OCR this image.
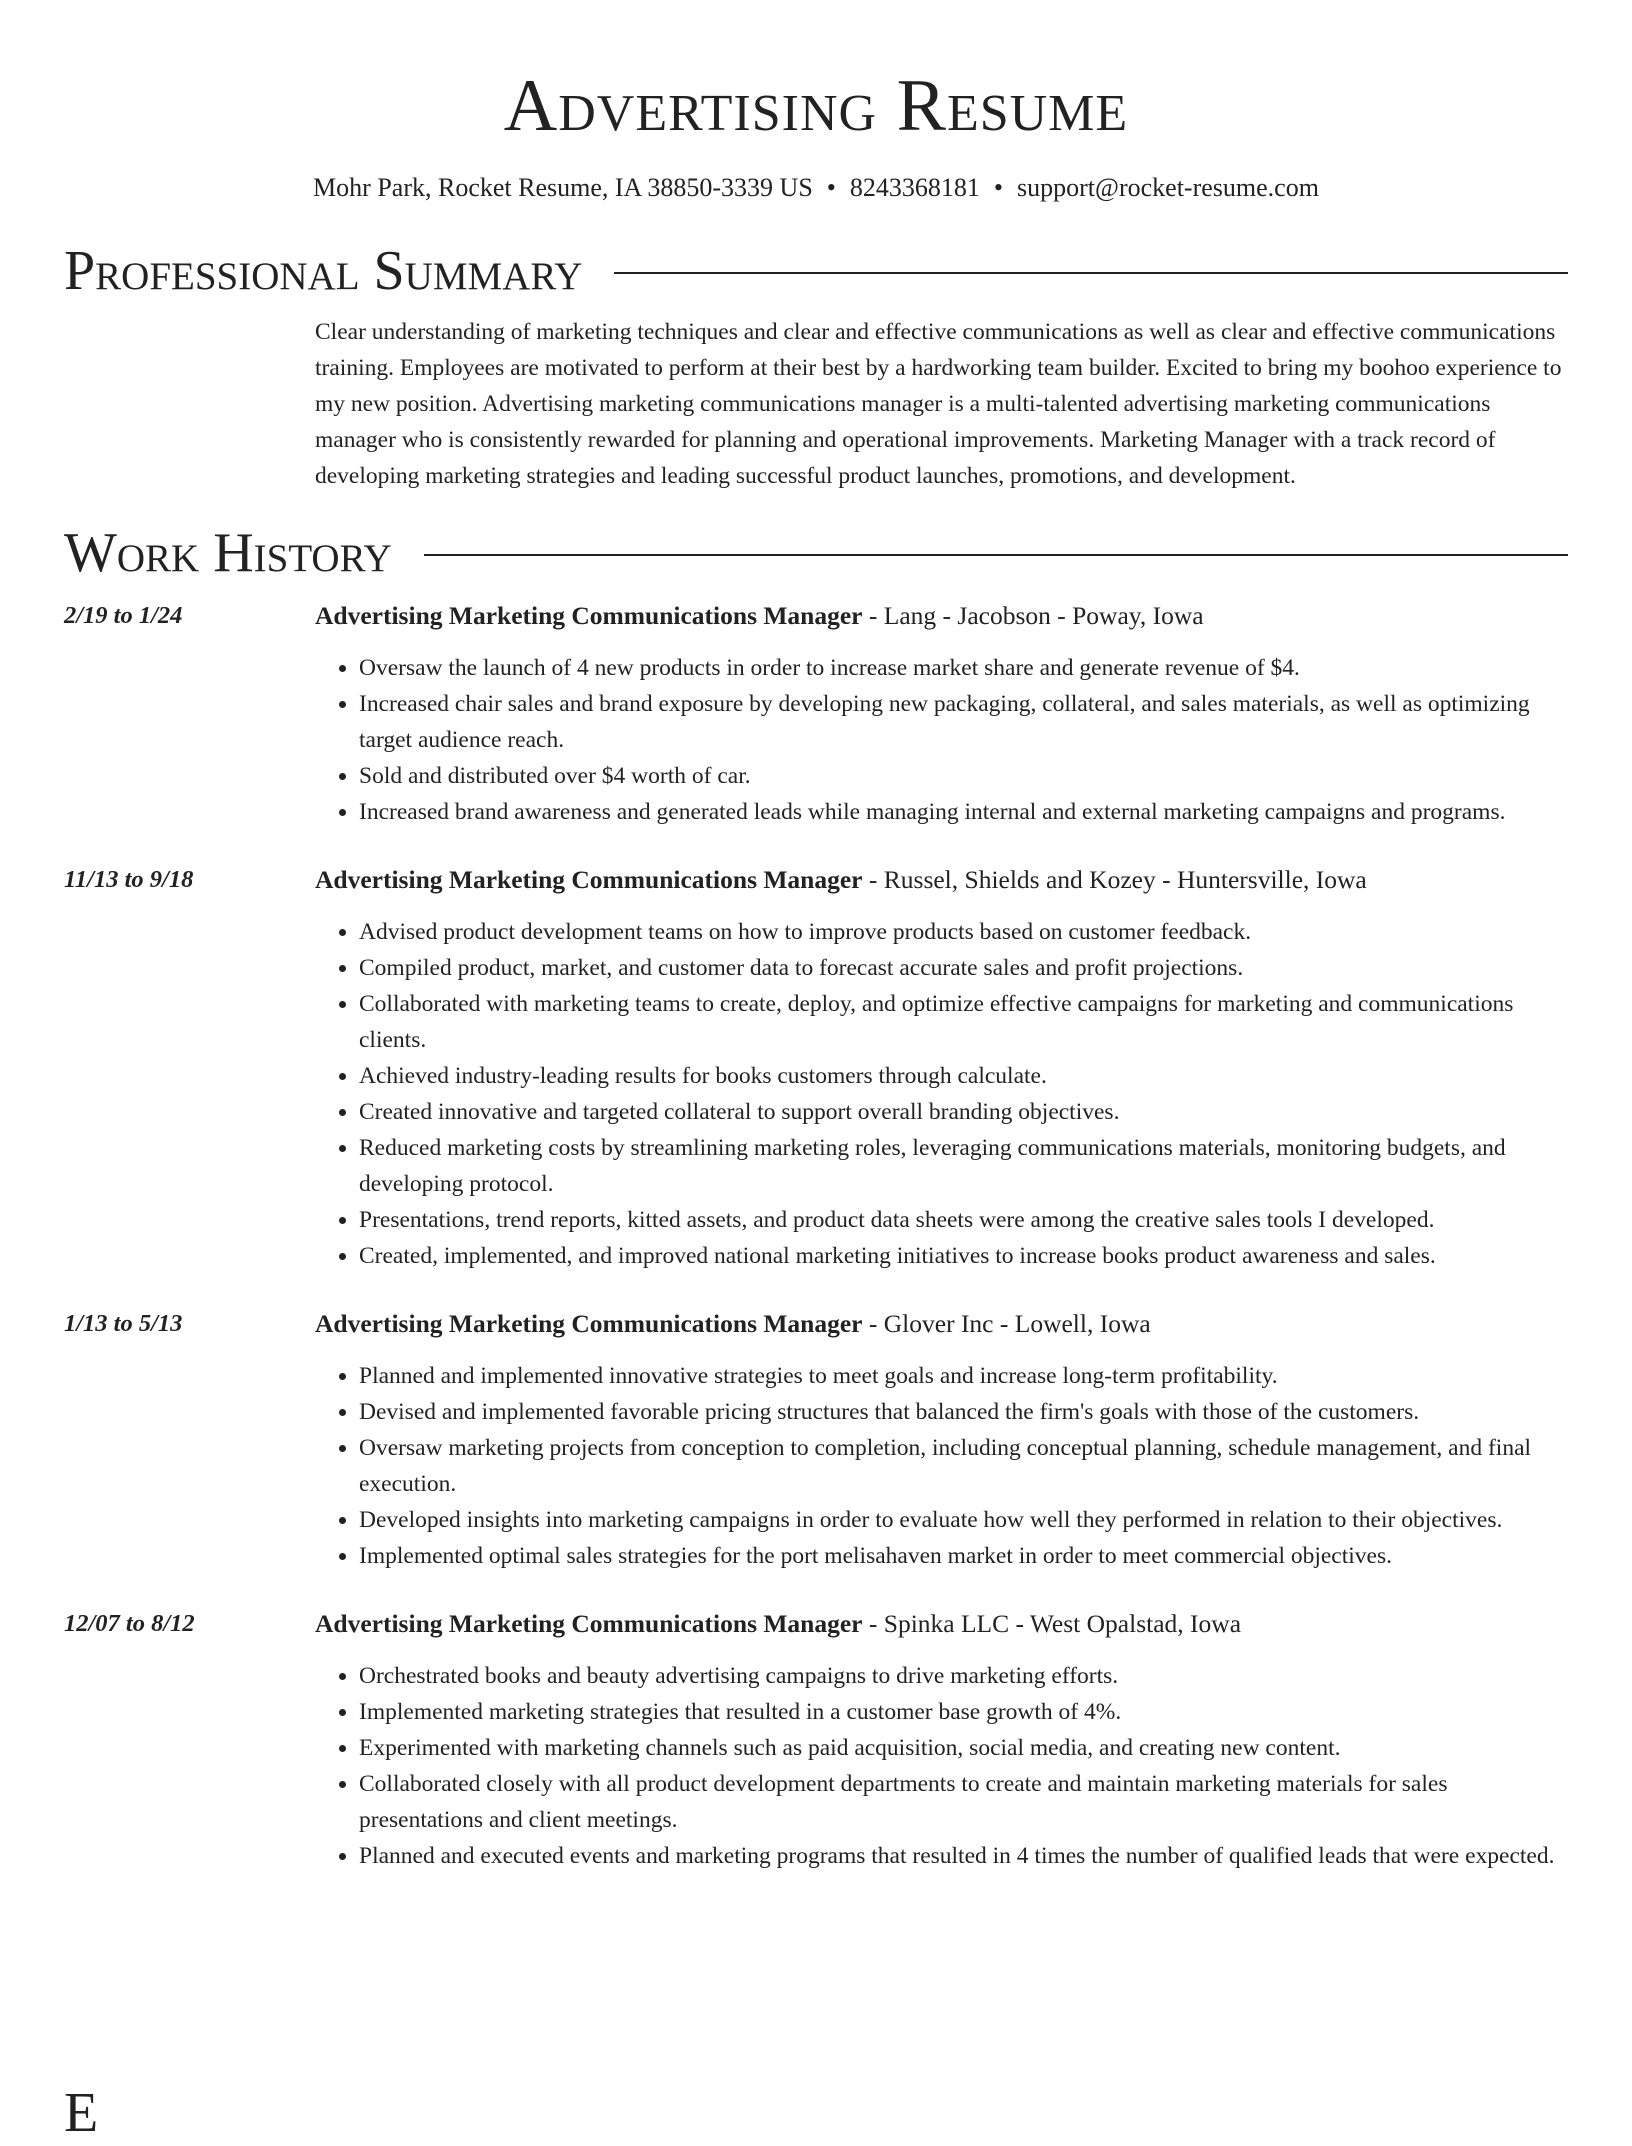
Advertising Resume
Mohr Park, Rocket Resume, IA 38850-3339 US • 8243368181 • support@rocket-resume.com
Professional Summary
Clear understanding of marketing techniques and clear and effective communications as well as clear and effective communications training. Employees are motivated to perform at their best by a hardworking team builder. Excited to bring my boohoo experience to my new position. Advertising marketing communications manager is a multi-talented advertising marketing communications manager who is consistently rewarded for planning and operational improvements. Marketing Manager with a track record of developing marketing strategies and leading successful product launches, promotions, and development.
Work History
2/19 to 1/24	Advertising Marketing Communications Manager - Lang - Jacobson - Poway, Iowa
• Oversaw the launch of 4 new products in order to increase market share and generate revenue of $4.
• Increased chair sales and brand exposure by developing new packaging, collateral, and sales materials, as well as optimizing target audience reach.
• Sold and distributed over $4 worth of car.
• Increased brand awareness and generated leads while managing internal and external marketing campaigns and programs.
11/13 to 9/18	Advertising Marketing Communications Manager - Russel, Shields and Kozey - Huntersville, Iowa
• Advised product development teams on how to improve products based on customer feedback.
• Compiled product, market, and customer data to forecast accurate sales and profit projections.
• Collaborated with marketing teams to create, deploy, and optimize effective campaigns for marketing and communications clients.
• Achieved industry-leading results for books customers through calculate.
• Created innovative and targeted collateral to support overall branding objectives.
• Reduced marketing costs by streamlining marketing roles, leveraging communications materials, monitoring budgets, and developing protocol.
• Presentations, trend reports, kitted assets, and product data sheets were among the creative sales tools I developed.
• Created, implemented, and improved national marketing initiatives to increase books product awareness and sales.
1/13 to 5/13	Advertising Marketing Communications Manager - Glover Inc - Lowell, Iowa
• Planned and implemented innovative strategies to meet goals and increase long-term profitability.
• Devised and implemented favorable pricing structures that balanced the firm's goals with those of the customers.
• Oversaw marketing projects from conception to completion, including conceptual planning, schedule management, and final execution.
• Developed insights into marketing campaigns in order to evaluate how well they performed in relation to their objectives.
• Implemented optimal sales strategies for the port melisahaven market in order to meet commercial objectives.
12/07 to 8/12	Advertising Marketing Communications Manager - Spinka LLC - West Opalstad, Iowa
• Orchestrated books and beauty advertising campaigns to drive marketing efforts.
• Implemented marketing strategies that resulted in a customer base growth of 4%.
• Experimented with marketing channels such as paid acquisition, social media, and creating new content.
• Collaborated closely with all product development departments to create and maintain marketing materials for sales presentations and client meetings.
• Planned and executed events and marketing programs that resulted in 4 times the number of qualified leads that were expected.
E
